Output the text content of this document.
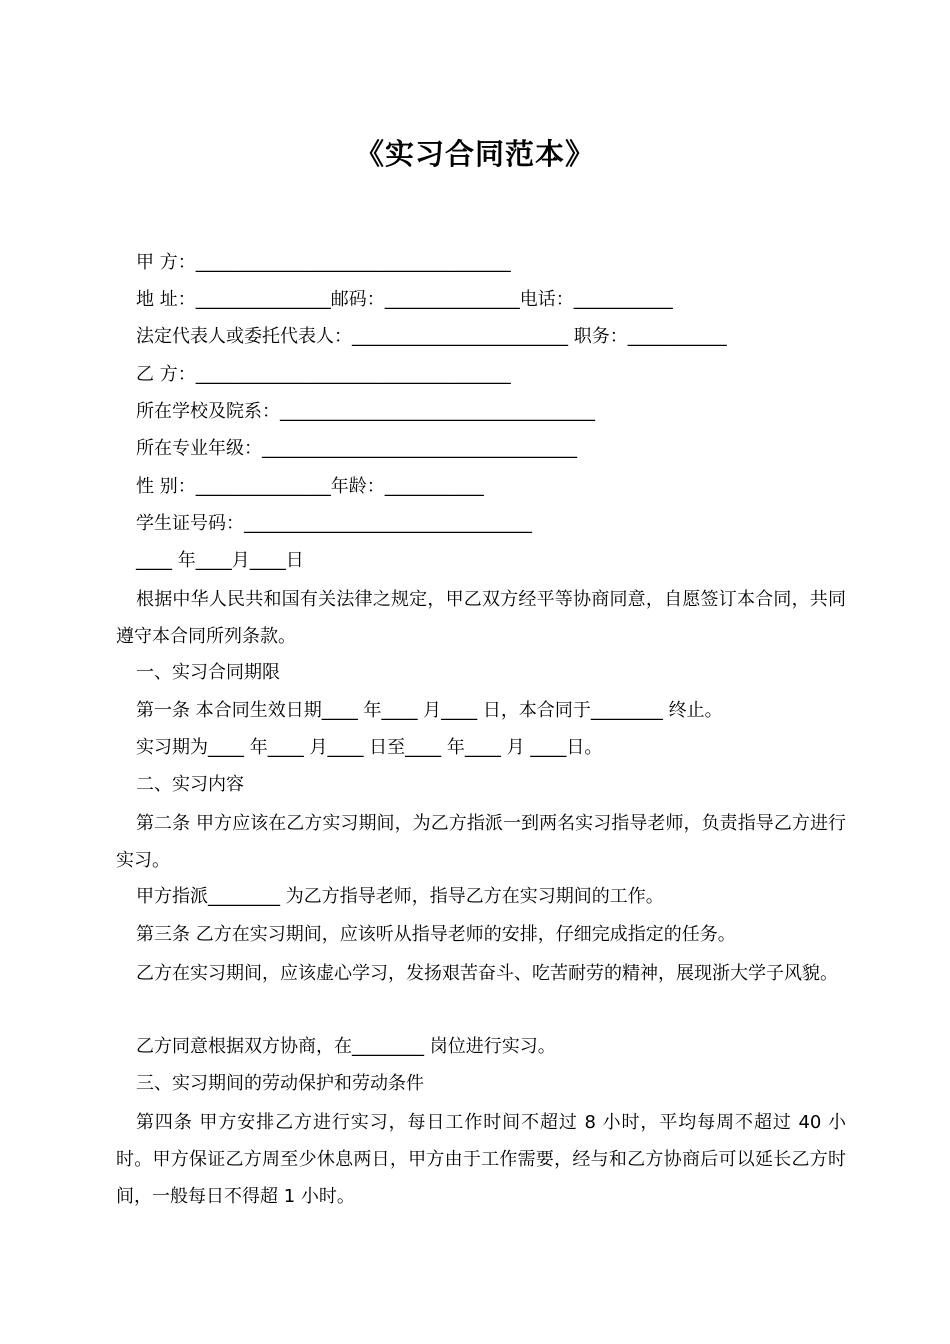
《实习合同范本》
甲 方：___________________________________
地 址：_______________邮码：_______________电话：___________
法定代表人或委托代表人：________________________ 职务：___________
乙 方：___________________________________
所在学校及院系：___________________________________
所在专业年级：___________________________________
性 别：_______________年龄：___________
学生证号码：________________________________
____ 年____月____日
根据中华人民共和国有关法律之规定，甲乙双方经平等协商同意，自愿签订本合同，共同遵守本合同所列条款。
一、实习合同期限
第一条 本合同生效日期____ 年____ 月____ 日，本合同于________ 终止。
实习期为____ 年____ 月____ 日至____ 年____ 月 ____日。
二、实习内容
第二条 甲方应该在乙方实习期间，为乙方指派一到两名实习指导老师，负责指导乙方进行实习。
甲方指派________ 为乙方指导老师，指导乙方在实习期间的工作。
第三条 乙方在实习期间，应该听从指导老师的安排，仔细完成指定的任务。
乙方在实习期间，应该虚心学习，发扬艰苦奋斗、吃苦耐劳的精神，展现浙大学子风貌。
乙方同意根据双方协商，在________ 岗位进行实习。
三、实习期间的劳动保护和劳动条件
第四条 甲方安排乙方进行实习，每日工作时间不超过 8 小时，平均每周不超过 40 小时。甲方保证乙方周至少休息两日，甲方由于工作需要，经与和乙方协商后可以延长乙方时间，一般每日不得超 1 小时。
